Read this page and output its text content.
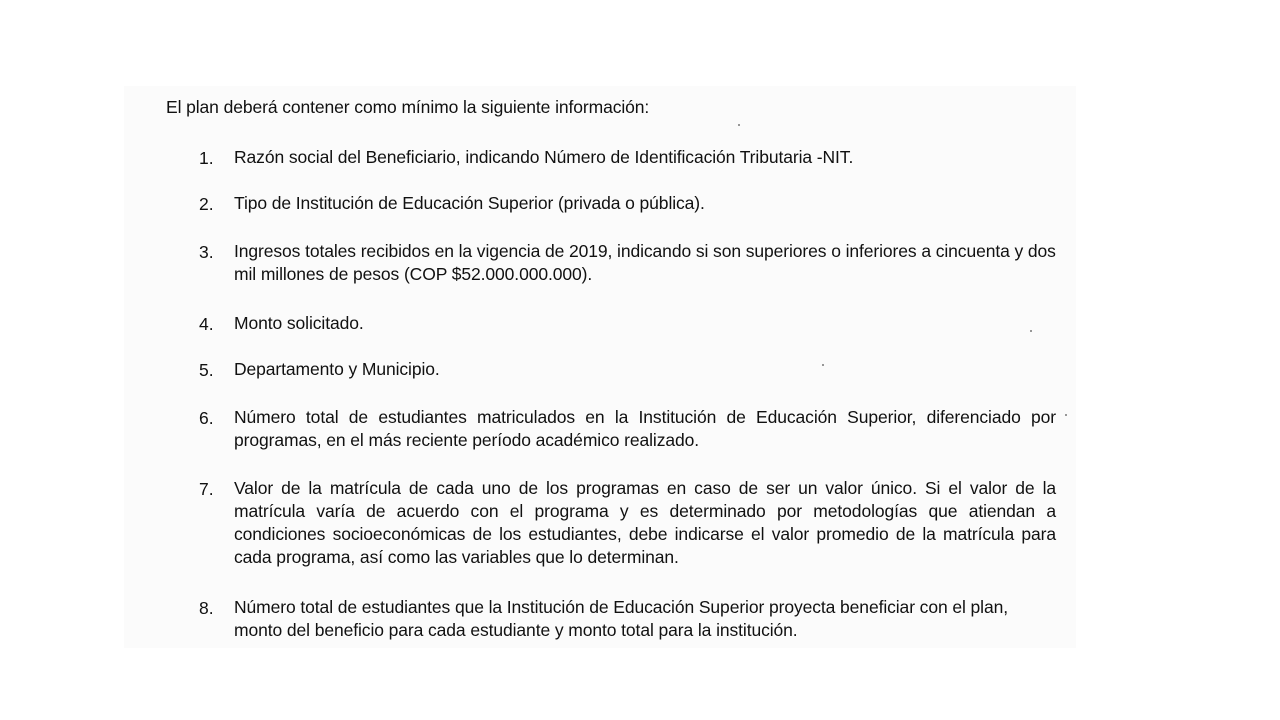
El plan deberá contener como mínimo la siguiente información:
1. Razón social del Beneficiario, indicando Número de Identificación Tributaria -NIT.
2. Tipo de Institución de Educación Superior (privada o pública).
3. Ingresos totales recibidos en la vigencia de 2019, indicando si son superiores o inferiores a cincuenta y dos mil millones de pesos (COP $52.000.000.000).
4. Monto solicitado.
5. Departamento y Municipio.
6. Número total de estudiantes matriculados en la Institución de Educación Superior, diferenciado por programas, en el más reciente período académico realizado.
7. Valor de la matrícula de cada uno de los programas en caso de ser un valor único. Si el valor de la matrícula varía de acuerdo con el programa y es determinado por metodologías que atiendan a condiciones socioeconómicas de los estudiantes, debe indicarse el valor promedio de la matrícula para cada programa, así como las variables que lo determinan.
8. Número total de estudiantes que la Institución de Educación Superior proyecta beneficiar con el plan, monto del beneficio para cada estudiante y monto total para la institución.
